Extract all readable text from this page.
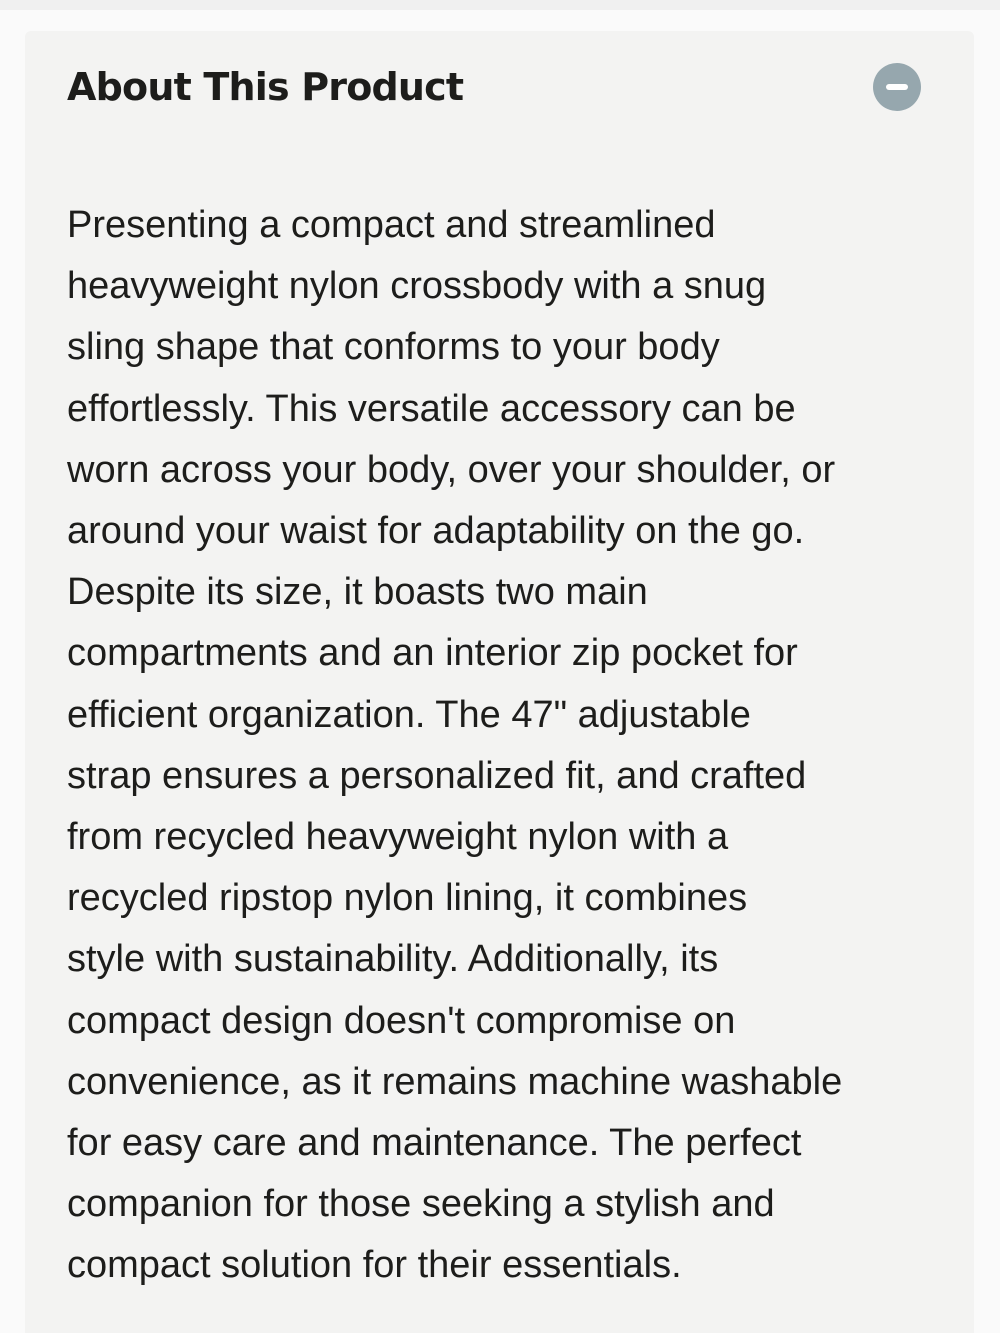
About This Product

Presenting a compact and streamlined
heavyweight nylon crossbody with a snug
sling shape that conforms to your body
effortlessly. This versatile accessory can be
worn across your body, over your shoulder, or
around your waist for adaptability on the go.
Despite its size, it boasts two main
compartments and an interior zip pocket for
efficient organization. The 47" adjustable
strap ensures a personalized fit, and crafted
from recycled heavyweight nylon with a
recycled ripstop nylon lining, it combines
style with sustainability. Additionally, its
compact design doesn't compromise on
convenience, as it remains machine washable
for easy care and maintenance. The perfect
companion for those seeking a stylish and
compact solution for their essentials.
